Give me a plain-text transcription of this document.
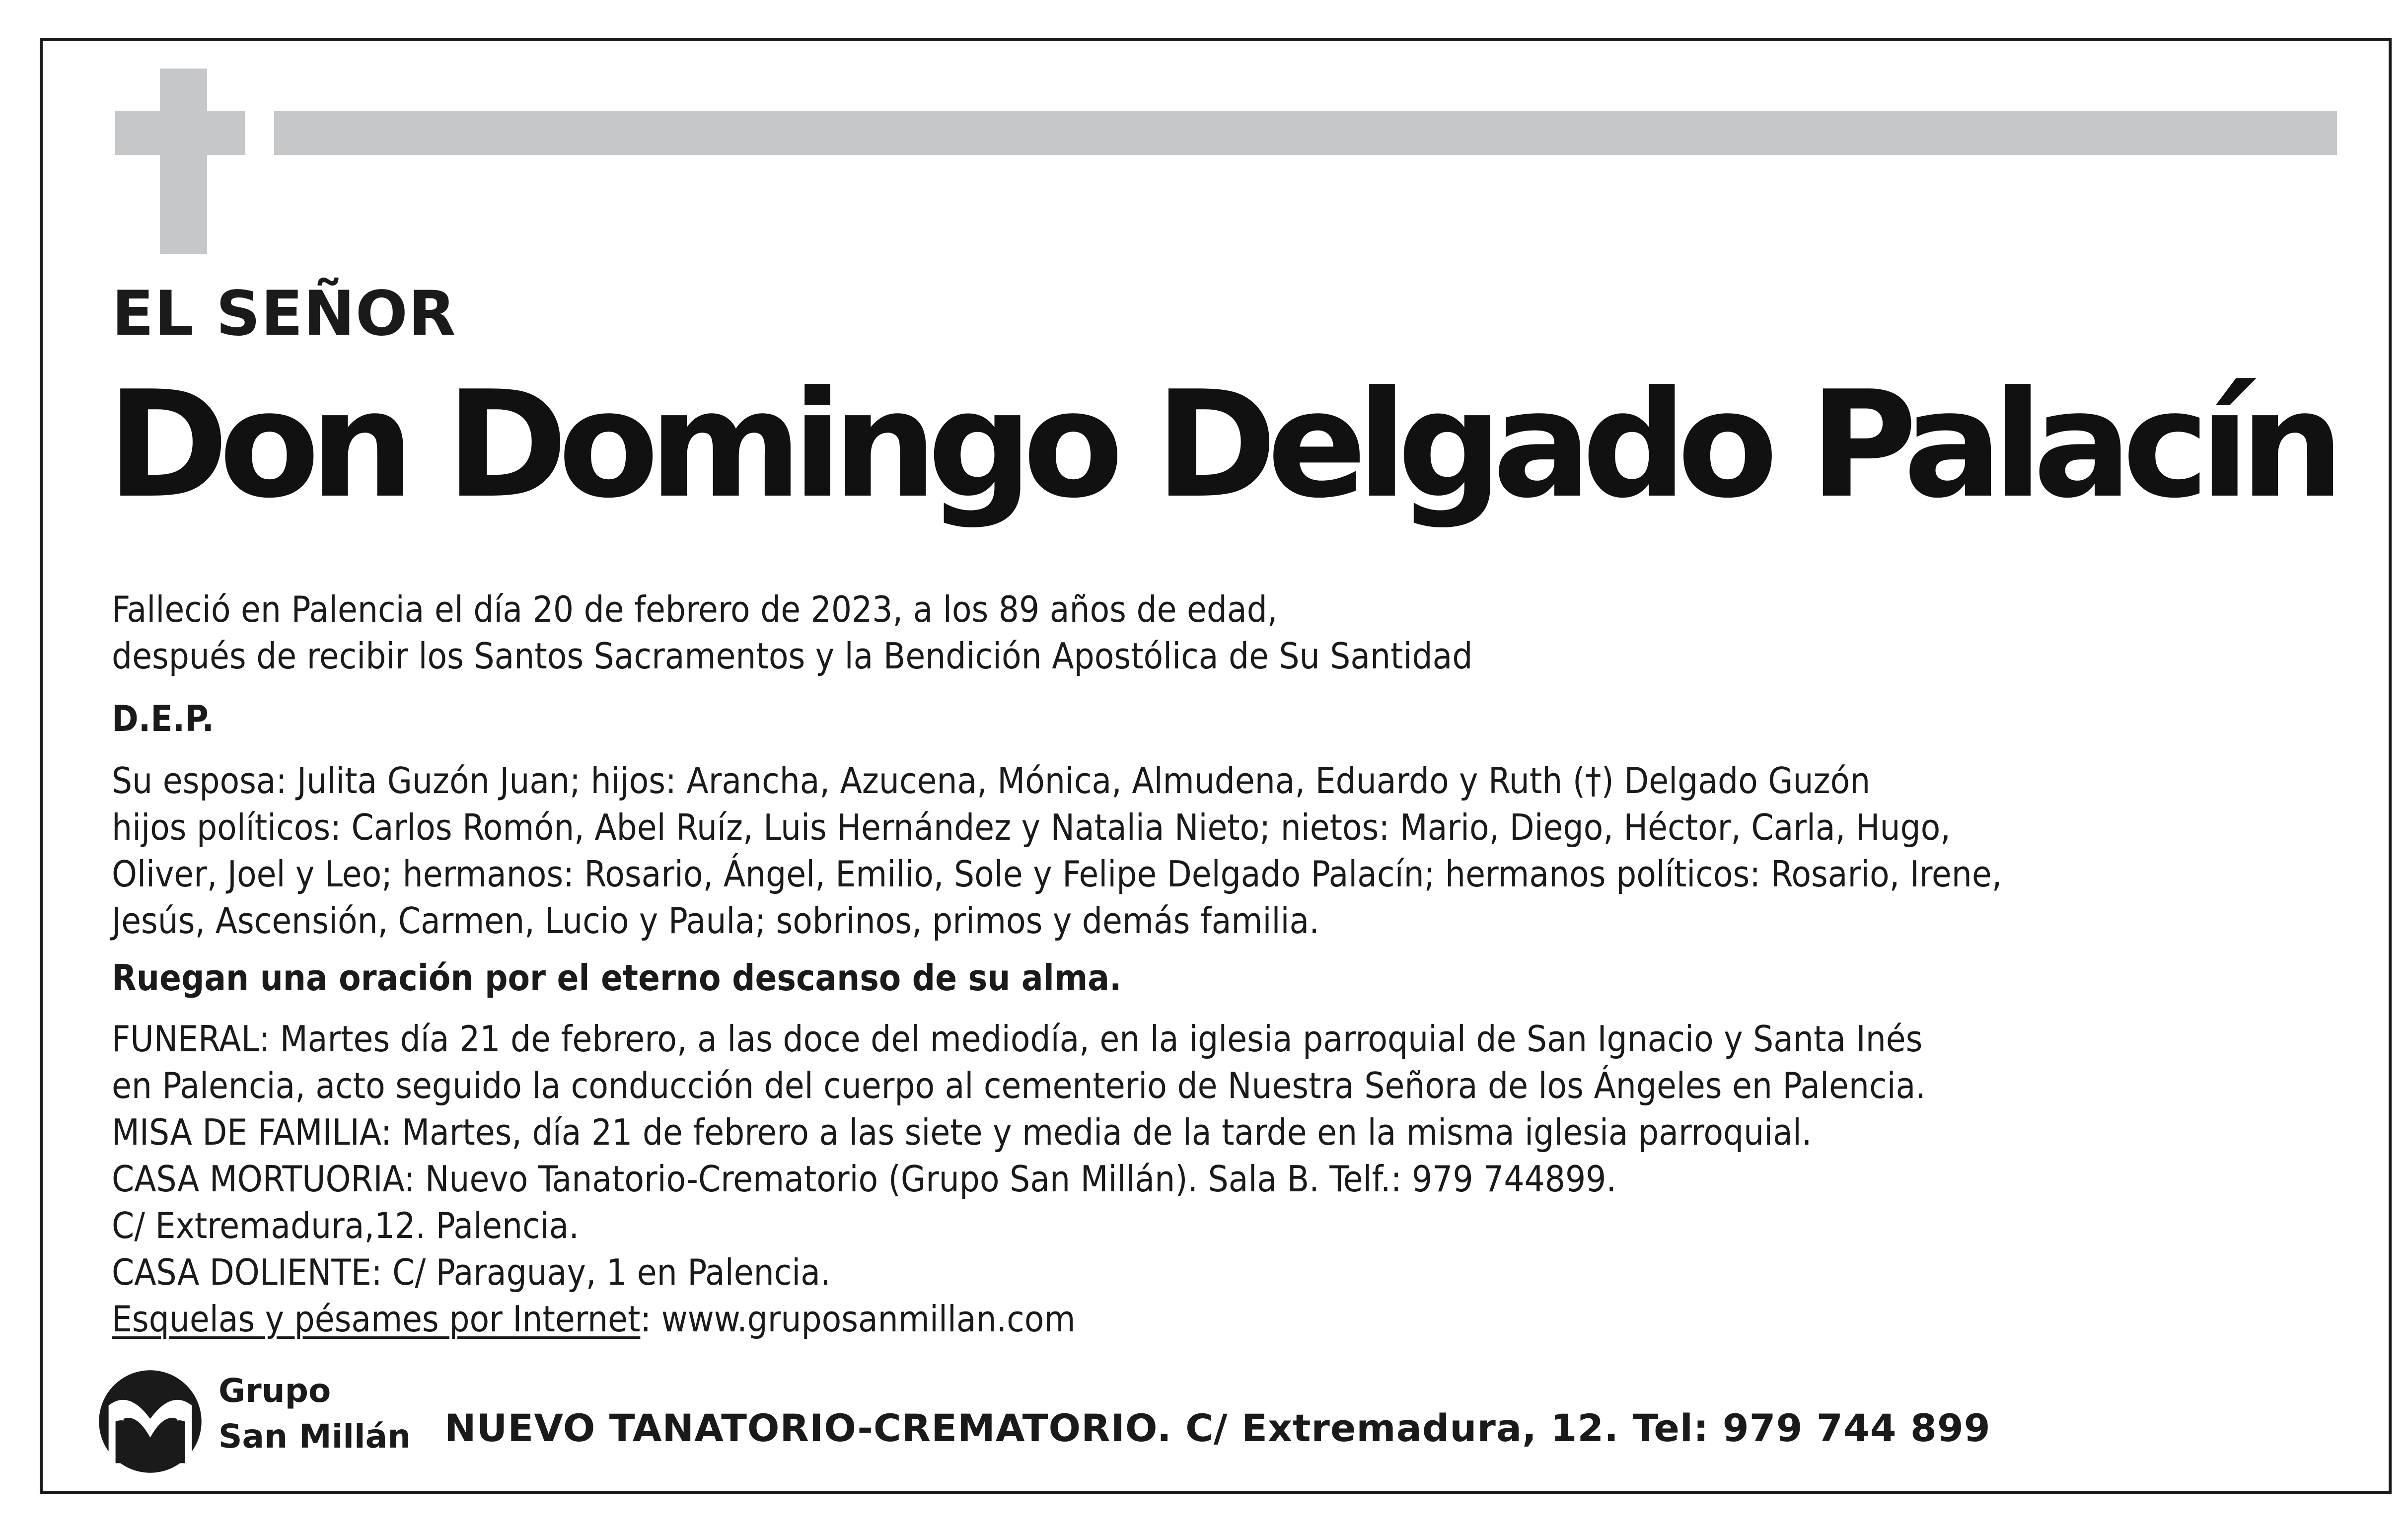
EL SEÑOR
Don Domingo Delgado Palacín
Falleció en Palencia el día 20 de febrero de 2023, a los 89 años de edad,
después de recibir los Santos Sacramentos y la Bendición Apostólica de Su Santidad
D.E.P.
Su esposa: Julita Guzón Juan; hijos: Arancha, Azucena, Mónica, Almudena, Eduardo y Ruth (†) Delgado Guzón
hijos políticos: Carlos Romón, Abel Ruíz, Luis Hernández y Natalia Nieto; nietos: Mario, Diego, Héctor, Carla, Hugo,
Oliver, Joel y Leo; hermanos: Rosario, Ángel, Emilio, Sole y Felipe Delgado Palacín; hermanos políticos: Rosario, Irene,
Jesús, Ascensión, Carmen, Lucio y Paula; sobrinos, primos y demás familia.
Ruegan una oración por el eterno descanso de su alma.
FUNERAL: Martes día 21 de febrero, a las doce del mediodía, en la iglesia parroquial de San Ignacio y Santa Inés
en Palencia, acto seguido la conducción del cuerpo al cementerio de Nuestra Señora de los Ángeles en Palencia.
MISA DE FAMILIA: Martes, día 21 de febrero a las siete y media de la tarde en la misma iglesia parroquial.
CASA MORTUORIA: Nuevo Tanatorio-Crematorio (Grupo San Millán). Sala B. Telf.: 979 744899.
C/ Extremadura,12. Palencia.
CASA DOLIENTE: C/ Paraguay, 1 en Palencia.
Esquelas y pésames por Internet: www.gruposanmillan.com
Grupo
San Millán NUEVO TANATORIO-CREMATORIO. C/ Extremadura, 12. Tel: 979 744 899
